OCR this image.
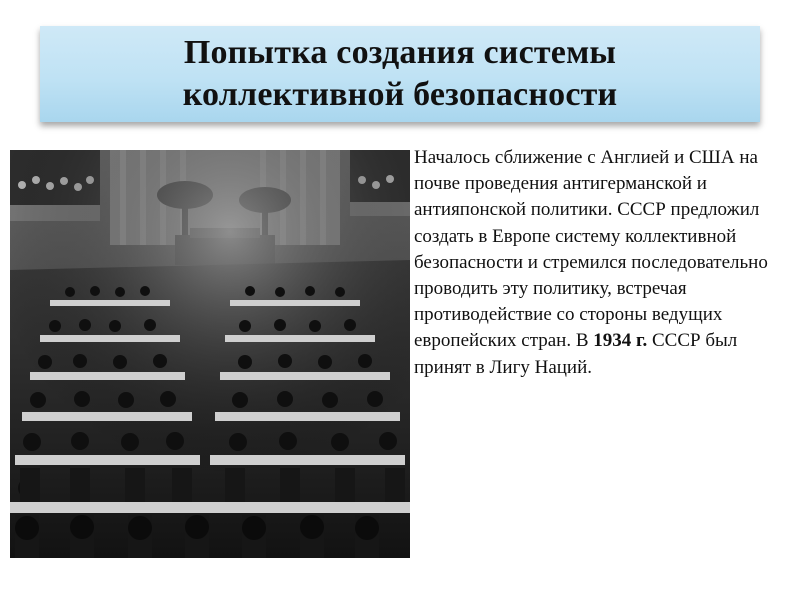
Попытка создания системы
коллективной безопасности
Началось сближение с Англией и США на почве проведения антигерманской и антияпонской политики. СССР предложил создать в Европе систему коллективной безопасности и стремился последовательно проводить эту политику, встречая противодействие со стороны ведущих европейских стран. В 1934 г. СССР был принят в Лигу Наций.
